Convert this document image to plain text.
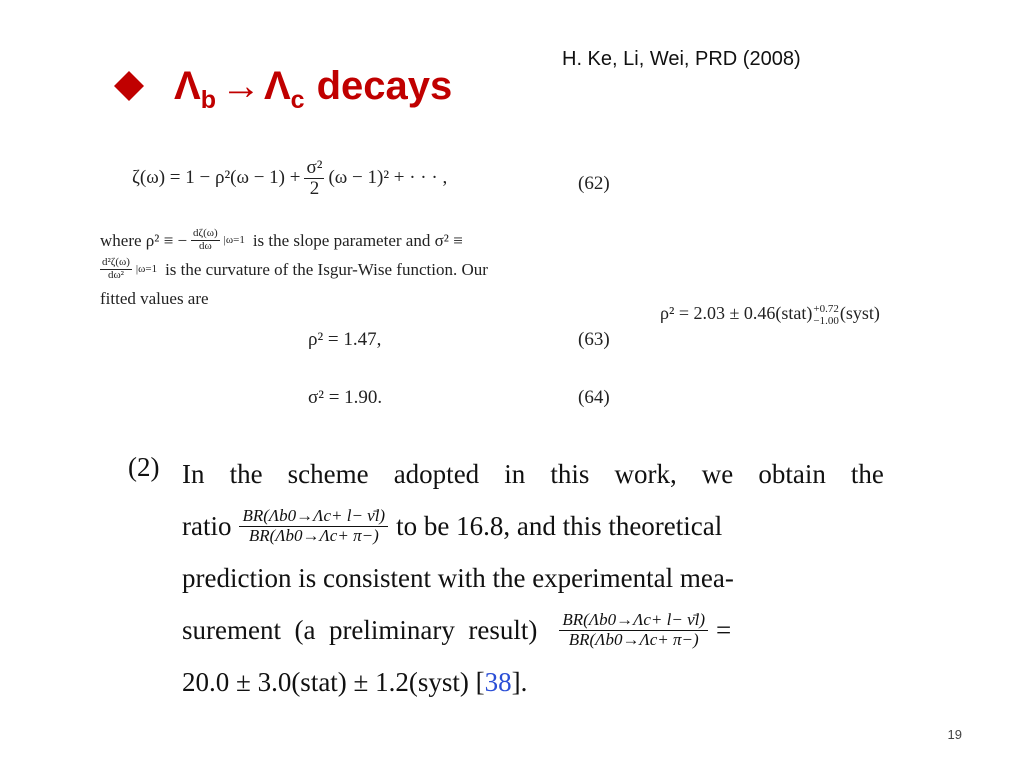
$\Lambda_b \to \Lambda_c$ decays
H. Ke, Li, Wei, PRD (2008)
$\zeta(\omega) = 1 - \rho^2(\omega - 1) + \frac{\text{σ²}}{2} (\omega - 1)^2$ + · · · ,	(62)
where ρ² ≡ − $\frac{d\zeta(\omega)}{d\omega} |\omega=1$ is the slope parameter and σ² ≡
$\frac{\text{d²ζ(ω)}}{\text{dω²}} |\omega=1$ is the curvature of the Isgur-Wise function. Our
fitted values are
ρ² = 1.47,	(63)
σ² = 1.90.	(64)
ρ² = 2.03 ± 0.46(stat) +0.72
−1.00 (syst)
(2) In the scheme adopted in this work, we obtain the
ratio $\frac{BR(\Lambda b0\to\Lambda c+ l- \nūl)}{BR(\Lambda b0\to\Lambda c+ \pi-)}$ to be 16.8, and this theoretical
prediction is consistent with the experimental mea-
surement  (a  preliminary  result) $\frac{BR(\Lambda b0\to\Lambda c+ l- \nūl)}{BR(\Lambda b0\to\Lambda c+ \pi-)}$ =
20.0 ± 3.0(stat) ± 1.2(syst) [ 38 ].
19
